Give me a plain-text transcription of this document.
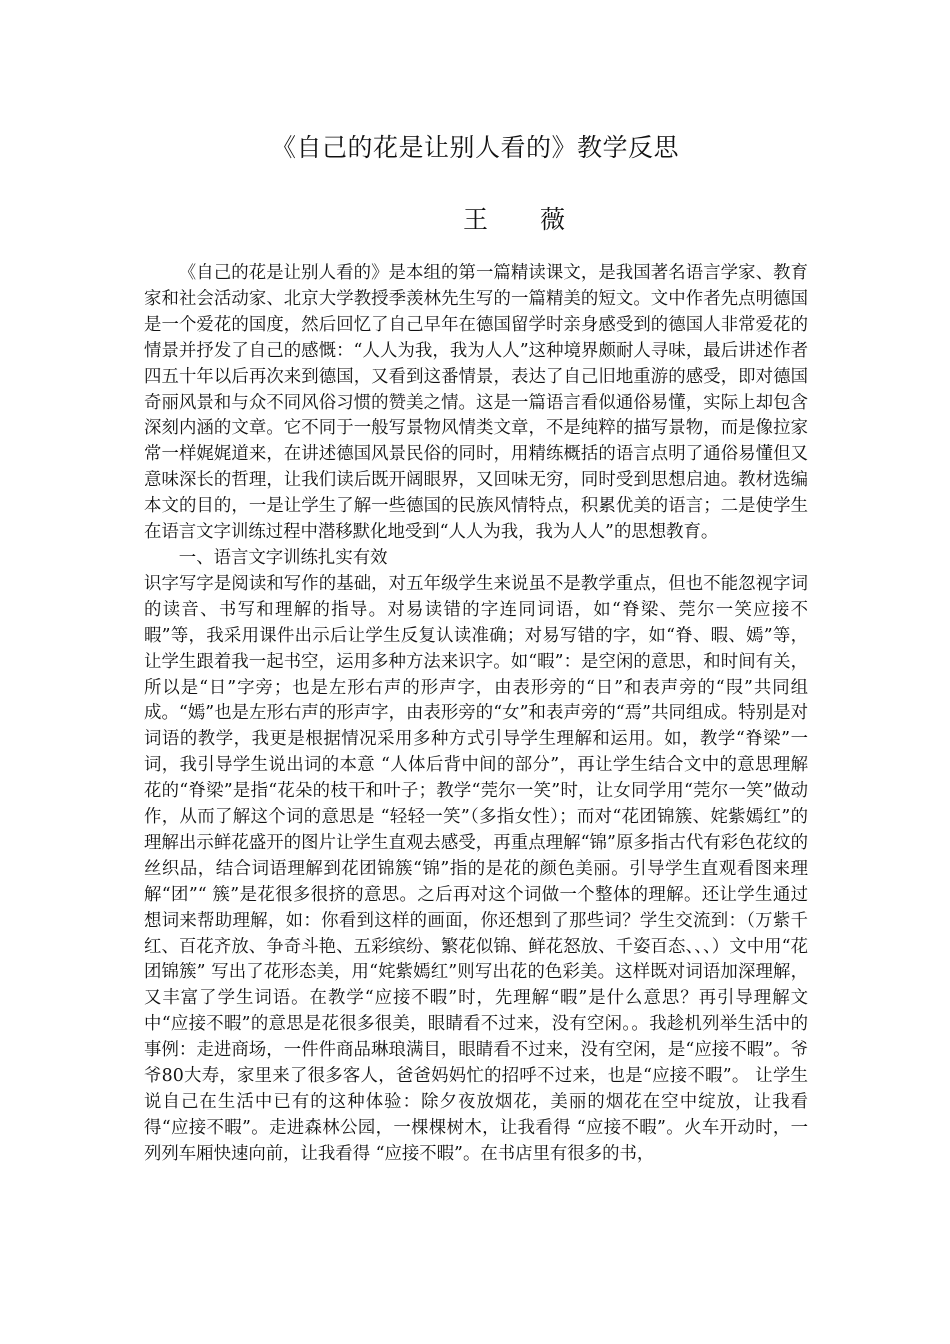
《自己的花是让别人看的》教学反思
王 薇

《自己的花是让别人看的》是本组的第一篇精读课文，是我国著名语言学家、教育家和社会活动家、北京大学教授季羡林先生写的一篇精美的短文。文中作者先点明德国是一个爱花的国度，然后回忆了自己早年在德国留学时亲身感受到的德国人非常爱花的情景并抒发了自己的感慨：“人人为我，我为人人”这种境界颇耐人寻味，最后讲述作者四五十年以后再次来到德国，又看到这番情景，表达了自己旧地重游的感受，即对德国奇丽风景和与众不同风俗习惯的赞美之情。这是一篇语言看似通俗易懂，实际上却包含深刻内涵的文章。它不同于一般写景物风情类文章，不是纯粹的描写景物，而是像拉家常一样娓娓道来，在讲述德国风景民俗的同时，用精练概括的语言点明了通俗易懂但又意味深长的哲理，让我们读后既开阔眼界，又回味无穷，同时受到思想启迪。教材选编本文的目的，一是让学生了解一些德国的民族风情特点，积累优美的语言；二是使学生在语言文字训练过程中潜移默化地受到“人人为我，我为人人”的思想教育。

一、语言文字训练扎实有效

识字写字是阅读和写作的基础，对五年级学生来说虽不是教学重点，但也不能忽视字词的读音、书写和理解的指导。对易读错的字连同词语，如“脊梁、莞尔一笑应接不暇”等，我采用课件出示后让学生反复认读准确；对易写错的字，如“脊、暇、嫣”等，让学生跟着我一起书空，运用多种方法来识字。如“暇”：是空闲的意思，和时间有关，所以是“日”字旁；也是左形右声的形声字，由表形旁的“日”和表声旁的“叚”共同组成。“嫣”也是左形右声的形声字，由表形旁的“女”和表声旁的“焉”共同组成。特别是对词语的教学，我更是根据情况采用多种方式引导学生理解和运用。如，教学“脊梁”一词，我引导学生说出词的本意 “人体后背中间的部分”，再让学生结合文中的意思理解花的“脊梁”是指“花朵的枝干和叶子；教学“莞尔一笑”时，让女同学用“莞尔一笑”做动作，从而了解这个词的意思是 “轻轻一笑”（多指女性）；而对“花团锦簇、姹紫嫣红”的理解出示鲜花盛开的图片让学生直观去感受，再重点理解“锦”原多指古代有彩色花纹的丝织品，结合词语理解到花团锦簇“锦”指的是花的颜色美丽。引导学生直观看图来理解“团”“ 簇”是花很多很挤的意思。之后再对这个词做一个整体的理解。还让学生通过想词来帮助理解，如：你看到这样的画面，你还想到了那些词？学生交流到：（万紫千红、百花齐放、争奇斗艳、五彩缤纷、繁花似锦、鲜花怒放、千姿百态、、、）文中用“花团锦簇” 写出了花形态美，用“姹紫嫣红”则写出花的色彩美。这样既对词语加深理解，又丰富了学生词语。在教学“应接不暇”时，先理解“暇”是什么意思？再引导理解文中“应接不暇”的意思是花很多很美，眼睛看不过来，没有空闲。。我趁机列举生活中的事例：走进商场，一件件商品琳琅满目，眼睛看不过来，没有空闲，是“应接不暇”。爷爷80大寿，家里来了很多客人，爸爸妈妈忙的招呼不过来，也是“应接不暇”。 让学生说自己在生活中已有的这种体验：除夕夜放烟花，美丽的烟花在空中绽放，让我看得“应接不暇”。走进森林公园，一棵棵树木，让我看得 “应接不暇”。火车开动时，一列列车厢快速向前，让我看得 “应接不暇”。在书店里有很多的书，
